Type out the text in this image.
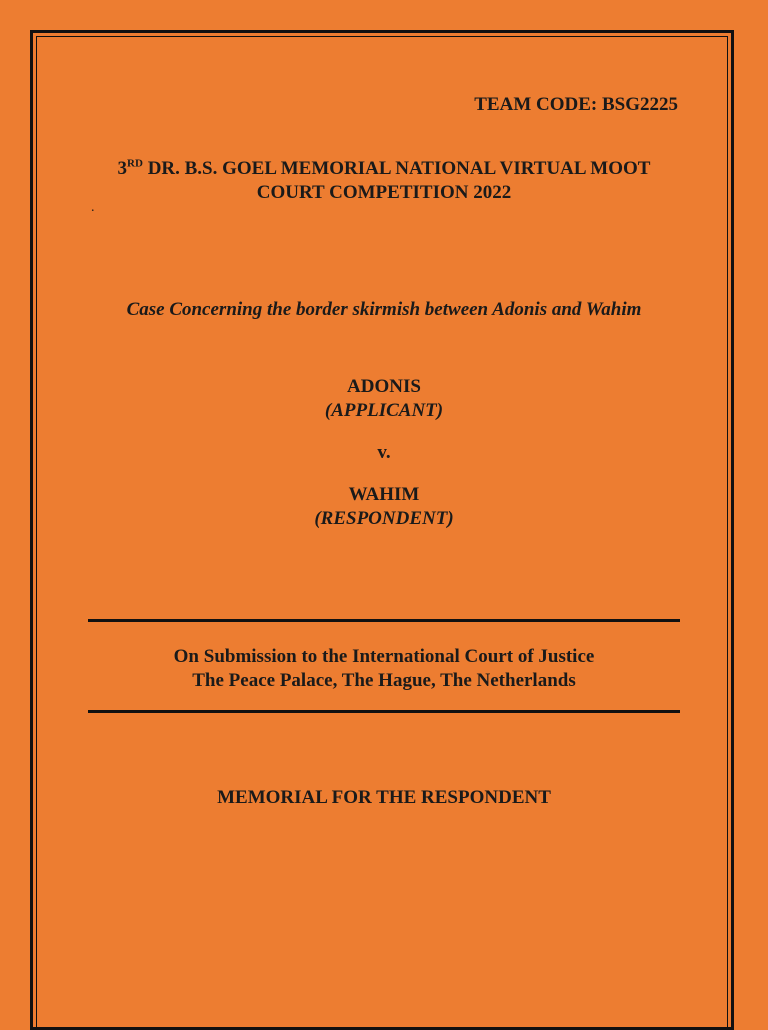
TEAM CODE: BSG2225
3RD DR. B.S. GOEL MEMORIAL NATIONAL VIRTUAL MOOT
COURT COMPETITION 2022
.
Case Concerning the border skirmish between Adonis and Wahim
ADONIS
(APPLICANT)
v.
WAHIM
(RESPONDENT)
On Submission to the International Court of Justice
The Peace Palace, The Hague, The Netherlands
MEMORIAL FOR THE RESPONDENT
